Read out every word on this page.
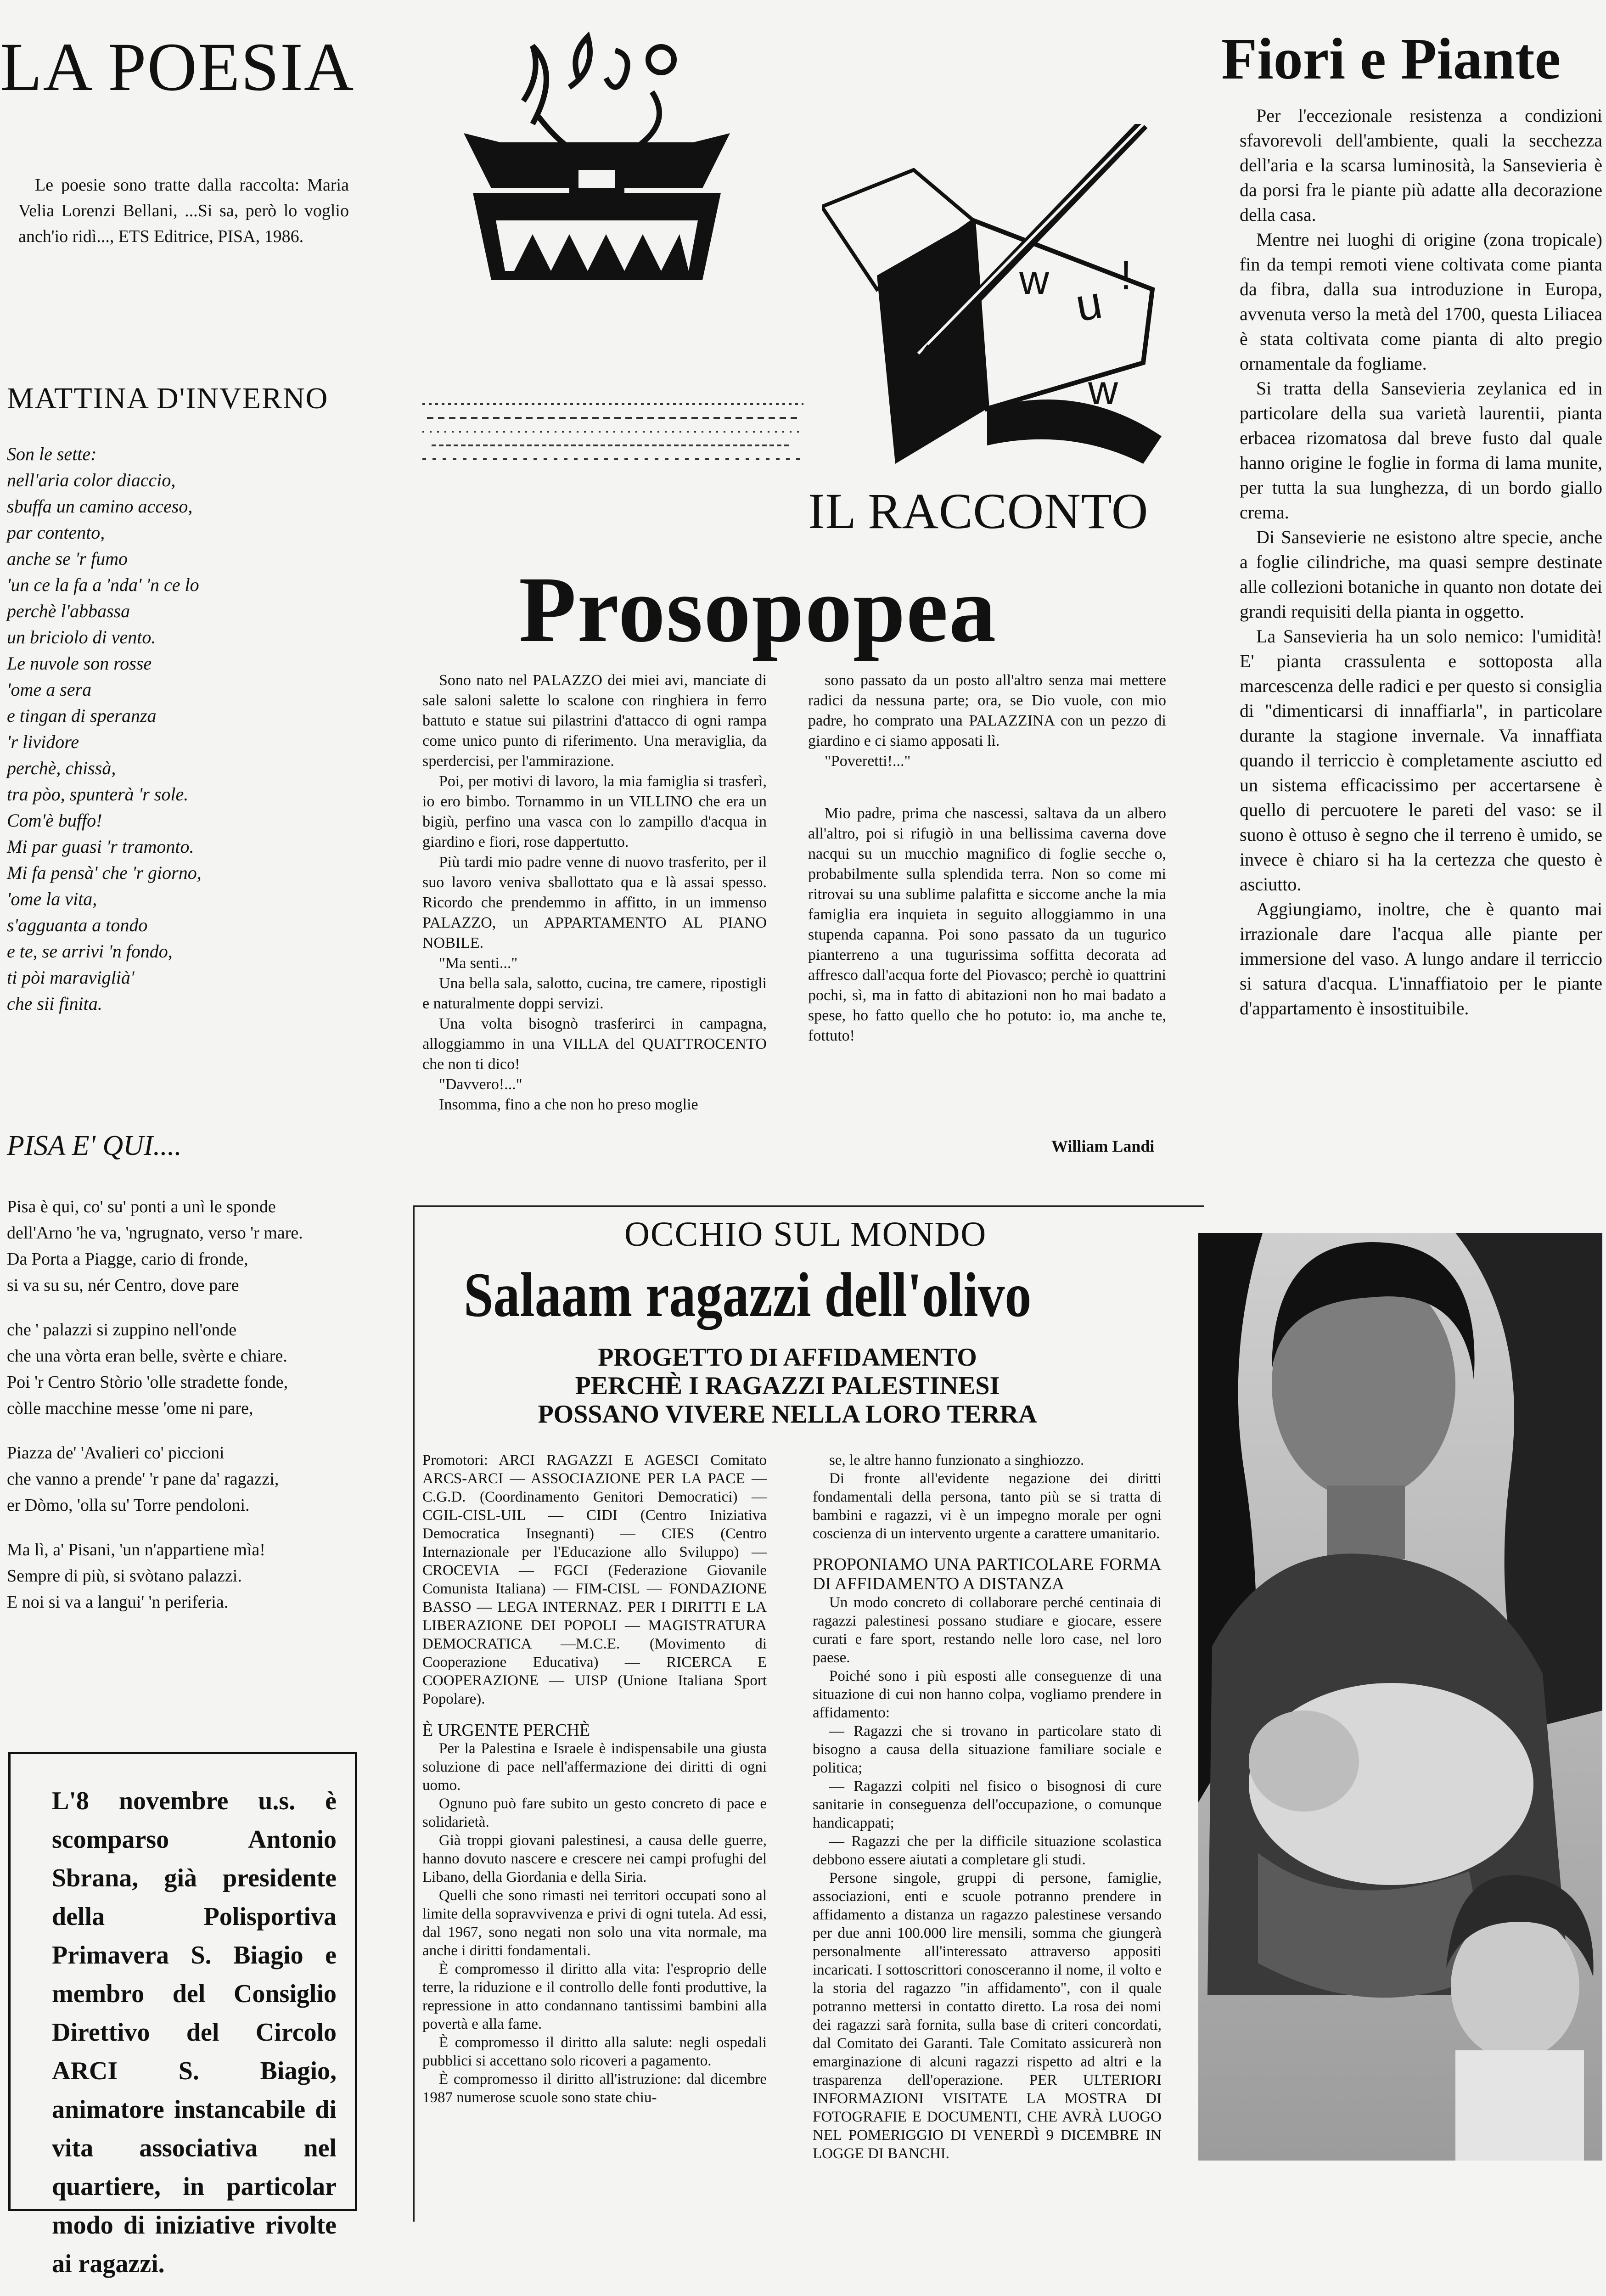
LA POESIA

Le poesie sono tratte dalla raccolta: Maria Velia Lorenzi Bellani, ...Si sa, però lo voglio anch'io ridì..., ETS Editrice, PISA, 1986.

MATTINA D'INVERNO
Son le sette:
nell'aria color diaccio,
sbuffa un camino acceso,
par contento,
anche se 'r fumo
'un ce la fa a 'nda' 'n ce lo
perchè l'abbassa
un briciolo di vento.
Le nuvole son rosse
'ome a sera
e tingan di speranza
'r lividore
perchè, chissà,
tra pòo, spunterà 'r sole.
Com'è buffo!
Mi par guasi 'r tramonto.
Mi fa pensà' che 'r giorno,
'ome la vita,
s'agguanta a tondo
e te, se arrivi 'n fondo,
ti pòi maraviglià'
che sii finita.
PISA E' QUI....
Pisa è qui, co' su' ponti a unì le sponde
dell'Arno 'he va, 'ngrugnato, verso 'r mare.
Da Porta a Piagge, cario di fronde,
si va su su, nér Centro, dove pare
che ' palazzi si zuppino nell'onde
che una vòrta eran belle, svèrte e chiare.
Poi 'r Centro Stòrio 'olle stradette fonde,
còlle macchine messe 'ome ni pare,
Piazza de' 'Avalieri co' piccioni
che vanno a prende' 'r pane da' ragazzi,
er Dòmo, 'olla su' Torre pendoloni.
Ma lì, a' Pisani, 'un n'appartiene mìa!
Sempre di più, si svòtano palazzi.
E noi si va a langui' 'n periferia.
L'8 novembre u.s. è scomparso Antonio Sbrana, già presidente della Polisportiva Primavera S. Biagio e membro del Consiglio Direttivo del Circolo ARCI S. Biagio, animatore instancabile di vita associativa nel quartiere, in particolar modo di iniziative rivolte ai ragazzi.
w u
!
w
IL RACCONTO
Prosopopea

Sono nato nel PALAZZO dei miei avi, manciate di sale saloni salette lo scalone con ringhiera in ferro battuto e statue sui pilastrini d'attacco di ogni rampa come unico punto di riferimento. Una meraviglia, da sperdercisi, per l'ammirazione.

Poi, per motivi di lavoro, la mia famiglia si trasferì, io ero bimbo. Tornammo in un VILLINO che era un bigiù, perfino una vasca con lo zampillo d'acqua in giardino e fiori, rose dappertutto.

Più tardi mio padre venne di nuovo trasferito, per il suo lavoro veniva sballottato qua e là assai spesso. Ricordo che prendemmo in affitto, in un immenso PALAZZO, un APPARTAMENTO AL PIANO NOBILE.

"Ma senti..."

Una bella sala, salotto, cucina, tre camere, ripostigli e naturalmente doppi servizi.

Una volta bisognò trasferirci in campagna, alloggiammo in una VILLA del QUATTROCENTO che non ti dico!

"Davvero!..."

Insomma, fino a che non ho preso moglie

sono passato da un posto all'altro senza mai mettere radici da nessuna parte; ora, se Dio vuole, con mio padre, ho comprato una PALAZZINA con un pezzo di giardino e ci siamo apposati lì.

"Poveretti!..."

Mio padre, prima che nascessi, saltava da un albero all'altro, poi si rifugiò in una bellissima caverna dove nacqui su un mucchio magnifico di foglie secche o, probabilmente sulla splendida terra. Non so come mi ritrovai su una sublime palafitta e siccome anche la mia famiglia era inquieta in seguito alloggiammo in una stupenda capanna. Poi sono passato da un tugurico pianterreno a una tugurissima soffitta decorata ad affresco dall'acqua forte del Piovasco; perchè io quattrini pochi, sì, ma in fatto di abitazioni non ho mai badato a spese, ho fatto quello che ho potuto: io, ma anche te, fottuto!

William Landi
Fiori e Piante

Per l'eccezionale resistenza a condizioni sfavorevoli dell'ambiente, quali la secchezza dell'aria e la scarsa luminosità, la Sansevieria è da porsi fra le piante più adatte alla decorazione della casa.

Mentre nei luoghi di origine (zona tropicale) fin da tempi remoti viene coltivata come pianta da fibra, dalla sua introduzione in Europa, avvenuta verso la metà del 1700, questa Liliacea è stata coltivata come pianta di alto pregio ornamentale da fogliame.

Si tratta della Sansevieria zeylanica ed in particolare della sua varietà laurentii, pianta erbacea rizomatosa dal breve fusto dal quale hanno origine le foglie in forma di lama munite, per tutta la sua lunghezza, di un bordo giallo crema.

Di Sansevierie ne esistono altre specie, anche a foglie cilindriche, ma quasi sempre destinate alle collezioni botaniche in quanto non dotate dei grandi requisiti della pianta in oggetto.

La Sansevieria ha un solo nemico: l'umidità! E' pianta crassulenta e sottoposta alla marcescenza delle radici e per questo si consiglia di "dimenticarsi di innaffiarla", in particolare durante la stagione invernale. Va innaffiata quando il terriccio è completamente asciutto ed un sistema efficacissimo per accertarsene è quello di percuotere le pareti del vaso: se il suono è ottuso è segno che il terreno è umido, se invece è chiaro si ha la certezza che questo è asciutto.

Aggiungiamo, inoltre, che è quanto mai irrazionale dare l'acqua alle piante per immersione del vaso. A lungo andare il terriccio si satura d'acqua. L'innaffiatoio per le piante d'appartamento è insostituibile.

OCCHIO SUL MONDO
Salaam ragazzi dell'olivo
PROGETTO DI AFFIDAMENTO
PERCHÈ I RAGAZZI PALESTINESI
POSSANO VIVERE NELLA LORO TERRA

Promotori: ARCI RAGAZZI E AGESCI Comitato ARCS-ARCI — ASSOCIAZIONE PER LA PACE — C.G.D. (Coordinamento Genitori Democratici) — CGIL-CISL-UIL — CIDI (Centro Iniziativa Democratica Insegnanti) — CIES (Centro Internazionale per l'Educazione allo Sviluppo) — CROCEVIA — FGCI (Federazione Giovanile Comunista Italiana) — FIM-CISL — FONDAZIONE BASSO — LEGA INTERNAZ. PER I DIRITTI E LA LIBERAZIONE DEI POPOLI — MAGISTRATURA DEMOCRATICA —M.C.E. (Movimento di Cooperazione Educativa) — RICERCA E COOPERAZIONE — UISP (Unione Italiana Sport Popolare).

È URGENTE PERCHÈ

Per la Palestina e Israele è indispensabile una giusta soluzione di pace nell'affermazione dei diritti di ogni uomo.

Ognuno può fare subito un gesto concreto di pace e solidarietà.

Già troppi giovani palestinesi, a causa delle guerre, hanno dovuto nascere e crescere nei campi profughi del Libano, della Giordania e della Siria.

Quelli che sono rimasti nei territori occupati sono al limite della sopravvivenza e privi di ogni tutela. Ad essi, dal 1967, sono negati non solo una vita normale, ma anche i diritti fondamentali.

È compromesso il diritto alla vita: l'esproprio delle terre, la riduzione e il controllo delle fonti produttive, la repressione in atto condannano tantissimi bambini alla povertà e alla fame.

È compromesso il diritto alla salute: negli ospedali pubblici si accettano solo ricoveri a pagamento.

È compromesso il diritto all'istruzione: dal dicembre 1987 numerose scuole sono state chiu-

se, le altre hanno funzionato a singhiozzo.

Di fronte all'evidente negazione dei diritti fondamentali della persona, tanto più se si tratta di bambini e ragazzi, vi è un impegno morale per ogni coscienza di un intervento urgente a carattere umanitario.

PROPONIAMO UNA PARTICOLARE FORMA DI AFFIDAMENTO A DISTANZA

Un modo concreto di collaborare perché centinaia di ragazzi palestinesi possano studiare e giocare, essere curati e fare sport, restando nelle loro case, nel loro paese.

Poiché sono i più esposti alle conseguenze di una situazione di cui non hanno colpa, vogliamo prendere in affidamento:

— Ragazzi che si trovano in particolare stato di bisogno a causa della situazione familiare sociale e politica;

— Ragazzi colpiti nel fisico o bisognosi di cure sanitarie in conseguenza dell'occupazione, o comunque handicappati;

— Ragazzi che per la difficile situazione scolastica debbono essere aiutati a completare gli studi.

Persone singole, gruppi di persone, famiglie, associazioni, enti e scuole potranno prendere in affidamento a distanza un ragazzo palestinese versando per due anni 100.000 lire mensili, somma che giungerà personalmente all'interessato attraverso appositi incaricati. I sottoscrittori conosceranno il nome, il volto e la storia del ragazzo "in affidamento", con il quale potranno mettersi in contatto diretto. La rosa dei nomi dei ragazzi sarà fornita, sulla base di criteri concordati, dal Comitato dei Garanti. Tale Comitato assicurerà non emarginazione di alcuni ragazzi rispetto ad altri e la trasparenza dell'operazione. PER ULTERIORI INFORMAZIONI VISITATE LA MOSTRA DI FOTOGRAFIE E DOCUMENTI, CHE AVRÀ LUOGO NEL POMERIGGIO DI VENERDÌ 9 DICEMBRE IN LOGGE DI BANCHI.
